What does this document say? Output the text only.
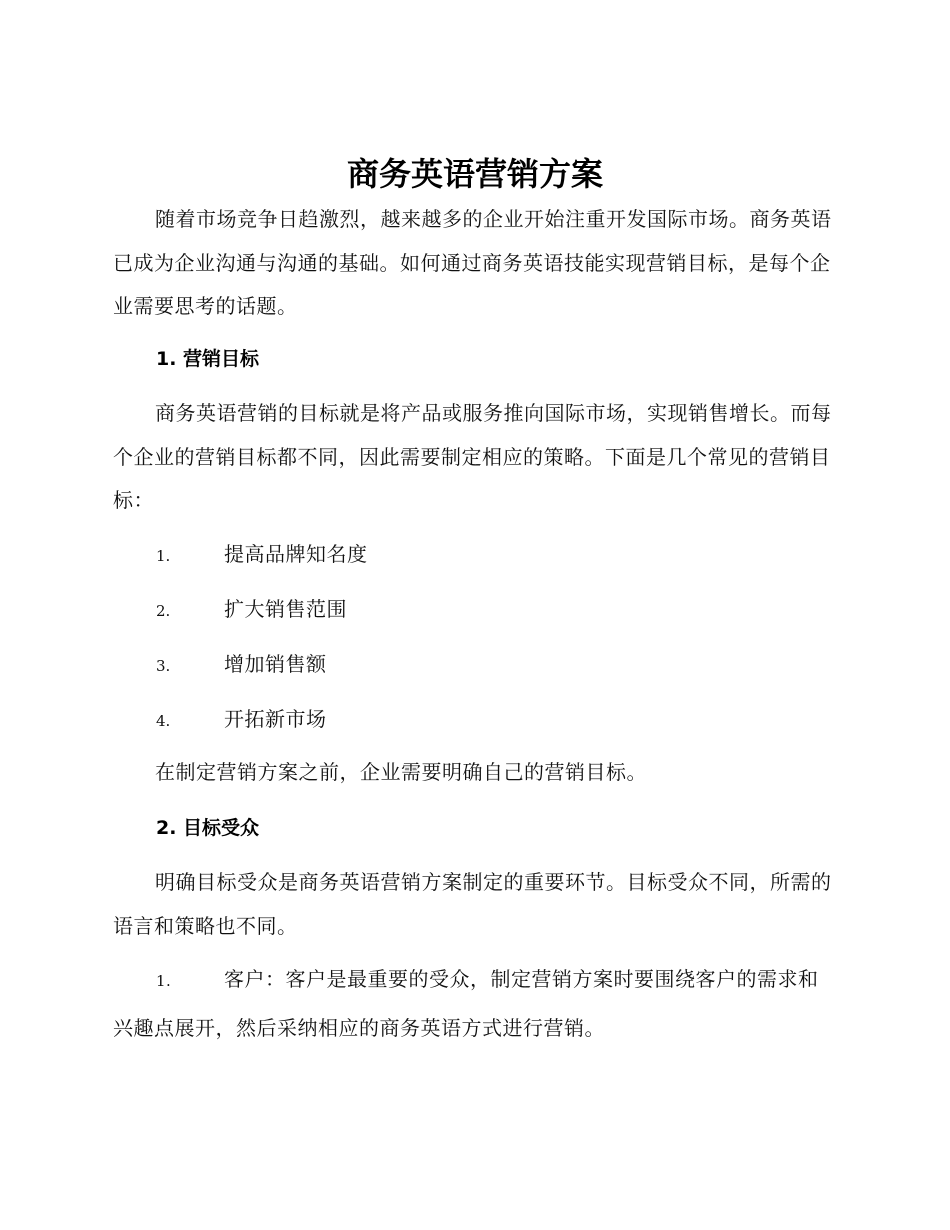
商务英语营销方案

随着市场竞争日趋激烈，越来越多的企业开始注重开发国际市场。商务英语已成为企业沟通与沟通的基础。如何通过商务英语技能实现营销目标，是每个企业需要思考的话题。

1. 营销目标

商务英语营销的目标就是将产品或服务推向国际市场，实现销售增长。而每个企业的营销目标都不同，因此需要制定相应的策略。下面是几个常见的营销目标：

1.	提高品牌知名度
2.	扩大销售范围
3.	增加销售额
4.	开拓新市场

在制定营销方案之前，企业需要明确自己的营销目标。

2. 目标受众

明确目标受众是商务英语营销方案制定的重要环节。目标受众不同，所需的语言和策略也不同。

1.	客户：客户是最重要的受众，制定营销方案时要围绕客户的需求和兴趣点展开，然后采纳相应的商务英语方式进行营销。
